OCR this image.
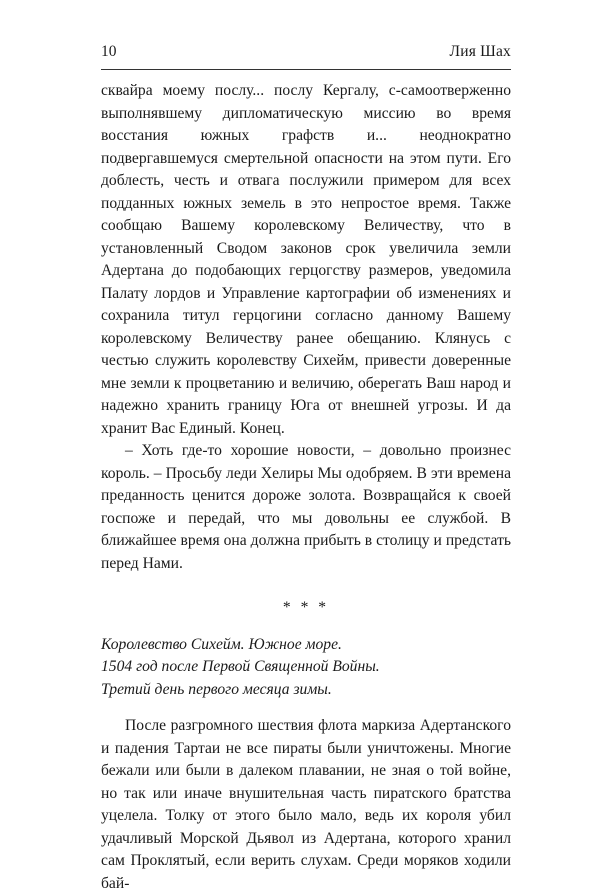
10	Лия Шах

сквайра моему послу... послу Кергалу, с-самоотверженно выполнявшему дипломатическую миссию во время восстания южных графств и... неоднократно подвергавшемуся смертельной опасности на этом пути. Его доблесть, честь и отвага послужили примером для всех подданных южных земель в это непростое время. Также сообщаю Вашему королевскому Величеству, что в установленный Сводом законов срок увеличила земли Адертана до подобающих герцогству размеров, уведомила Палату лордов и Управление картографии об изменениях и сохранила титул герцогини согласно данному Вашему королевскому Величеству ранее обещанию. Клянусь с честью служить королевству Сихейм, привести доверенные мне земли к процветанию и величию, оберегать Ваш народ и надежно хранить границу Юга от внешней угрозы. И да хранит Вас Единый. Конец.

– Хоть где-то хорошие новости, – довольно произнес король. – Просьбу леди Хелиры Мы одобряем. В эти времена преданность ценится дороже золота. Возвращайся к своей госпоже и передай, что мы довольны ее службой. В ближайшее время она должна прибыть в столицу и предстать перед Нами.

* * *

Королевство Сихейм. Южное море.

1504 год после Первой Священной Войны.

Третий день первого месяца зимы.

После разгромного шествия флота маркиза Адертанского и падения Тартаи не все пираты были уничтожены. Многие бежали или были в далеком плавании, не зная о той войне, но так или иначе внушительная часть пиратского братства уцелела. Толку от этого было мало, ведь их короля убил удачливый Морской Дьявол из Адертана, которого хранил сам Проклятый, если верить слухам. Среди моряков ходили бай-
